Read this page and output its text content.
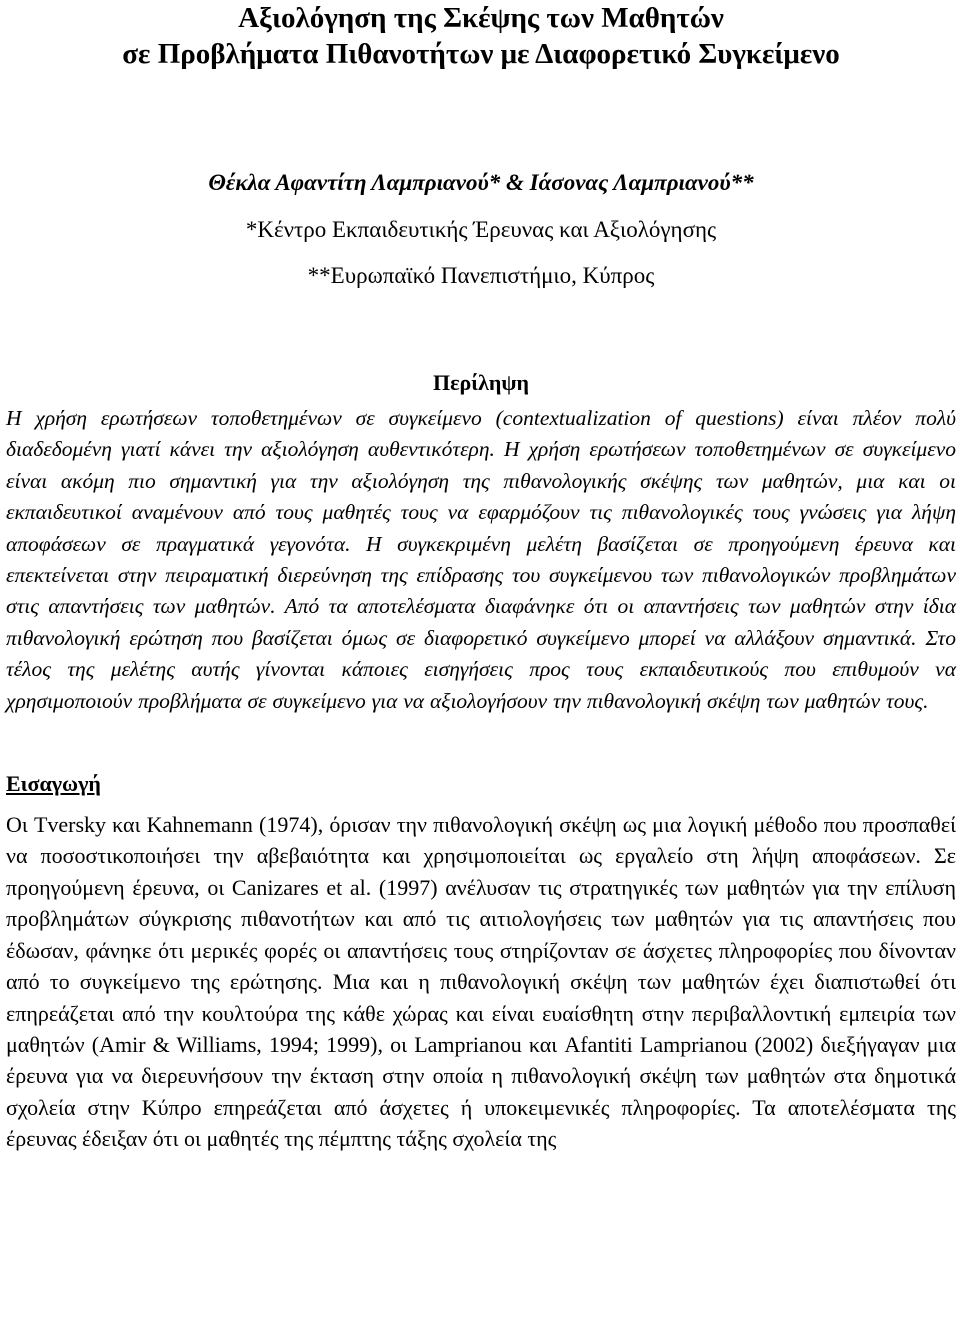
Αξιολόγηση της Σκέψης των Μαθητών
σε Προβλήματα Πιθανοτήτων με Διαφορετικό Συγκείμενο
Θέκλα Αφαντίτη Λαμπριανού* & Ιάσονας Λαμπριανού**
*Κέντρο Εκπαιδευτικής Έρευνας και Αξιολόγησης
**Ευρωπαϊκό Πανεπιστήμιο, Κύπρος
Περίληψη

Η χρήση ερωτήσεων τοποθετημένων σε συγκείμενο (contextualization of questions) είναι πλέον πολύ διαδεδομένη γιατί κάνει την αξιολόγηση αυθεντικότερη. Η χρήση ερωτήσεων τοποθετημένων σε συγκείμενο είναι ακόμη πιο σημαντική για την αξιολόγηση της πιθανολογικής σκέψης των μαθητών, μια και οι εκπαιδευτικοί αναμένουν από τους μαθητές τους να εφαρμόζουν τις πιθανολογικές τους γνώσεις για λήψη αποφάσεων σε πραγματικά γεγονότα. Η συγκεκριμένη μελέτη βασίζεται σε προηγούμενη έρευνα και επεκτείνεται στην πειραματική διερεύνηση της επίδρασης του συγκείμενου των πιθανολογικών προβλημάτων στις απαντήσεις των μαθητών. Από τα αποτελέσματα διαφάνηκε ότι οι απαντήσεις των μαθητών στην ίδια πιθανολογική ερώτηση που βασίζεται όμως σε διαφορετικό συγκείμενο μπορεί να αλλάξουν σημαντικά. Στο τέλος της μελέτης αυτής γίνονται κάποιες εισηγήσεις προς τους εκπαιδευτικούς που επιθυμούν να χρησιμοποιούν προβλήματα σε συγκείμενο για να αξιολογήσουν την πιθανολογική σκέψη των μαθητών τους.

Εισαγωγή

Οι Tversky και Kahnemann (1974), όρισαν την πιθανολογική σκέψη ως μια λογική μέθοδο που προσπαθεί να ποσοστικοποιήσει την αβεβαιότητα και χρησιμοποιείται ως εργαλείο στη λήψη αποφάσεων. Σε προηγούμενη έρευνα, οι Canizares et al. (1997) ανέλυσαν τις στρατηγικές των μαθητών για την επίλυση προβλημάτων σύγκρισης πιθανοτήτων και από τις αιτιολογήσεις των μαθητών για τις απαντήσεις που έδωσαν, φάνηκε ότι μερικές φορές οι απαντήσεις τους στηρίζονταν σε άσχετες πληροφορίες που δίνονταν από το συγκείμενο της ερώτησης. Μια και η πιθανολογική σκέψη των μαθητών έχει διαπιστωθεί ότι επηρεάζεται από την κουλτούρα της κάθε χώρας και είναι ευαίσθητη στην περιβαλλοντική εμπειρία των μαθητών (Amir & Williams, 1994; 1999), οι Lamprianou και Afantiti Lamprianou (2002) διεξήγαγαν μια έρευνα για να διερευνήσουν την έκταση στην οποία η πιθανολογική σκέψη των μαθητών στα δημοτικά σχολεία στην Κύπρο επηρεάζεται από άσχετες ή υποκειμενικές πληροφορίες. Τα αποτελέσματα της έρευνας έδειξαν ότι οι μαθητές της πέμπτης τάξης σχολεία της
